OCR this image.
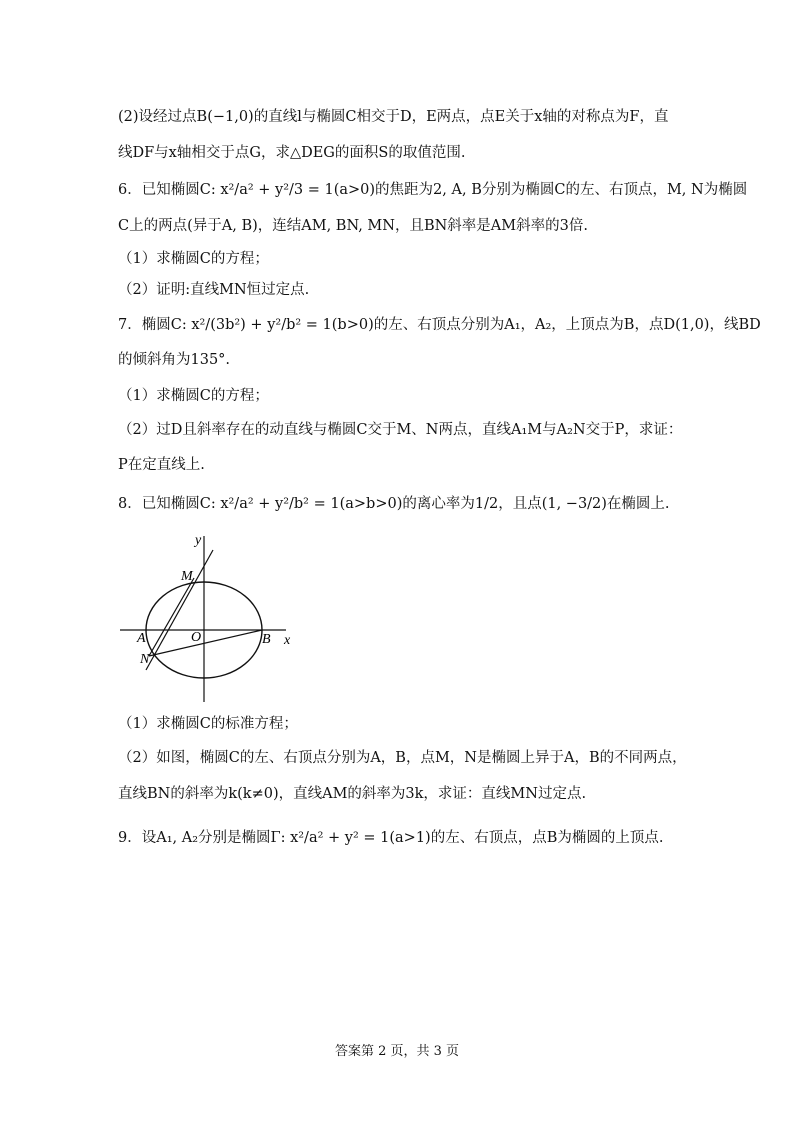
(2)设经过点B(−1,0)的直线l与椭圆C相交于D，E两点，点E关于x轴的对称点为F，直
线DF与x轴相交于点G，求△DEG的面积S的取值范围.
6．已知椭圆C: x²/a² + y²/3 = 1(a>0)的焦距为2, A, B分别为椭圆C的左、右顶点，M, N为椭圆
C上的两点(异于A, B)，连结AM, BN, MN，且BN斜率是AM斜率的3倍.
（1）求椭圆C的方程；
（2）证明:直线MN恒过定点.
7．椭圆C: x²/(3b²) + y²/b² = 1(b>0)的左、右顶点分别为A₁，A₂，上顶点为B，点D(1,0)，线BD
的倾斜角为135°.
（1）求椭圆C的方程；
（2）过D且斜率存在的动直线与椭圆C交于M、N两点，直线A₁M与A₂N交于P，求证：
P在定直线上.
8．已知椭圆C: x²/a² + y²/b² = 1(a>b>0)的离心率为1/2，且点(1, −3/2)在椭圆上.
y
x
M
A	O	B
N
（1）求椭圆C的标准方程；
（2）如图，椭圆C的左、右顶点分别为A，B，点M，N是椭圆上异于A，B的不同两点，
直线BN的斜率为k(k≠0)，直线AM的斜率为3k，求证：直线MN过定点.
9．设A₁, A₂分别是椭圆Γ: x²/a² + y² = 1(a>1)的左、右顶点，点B为椭圆的上顶点.
答案第 2 页，共 3 页
